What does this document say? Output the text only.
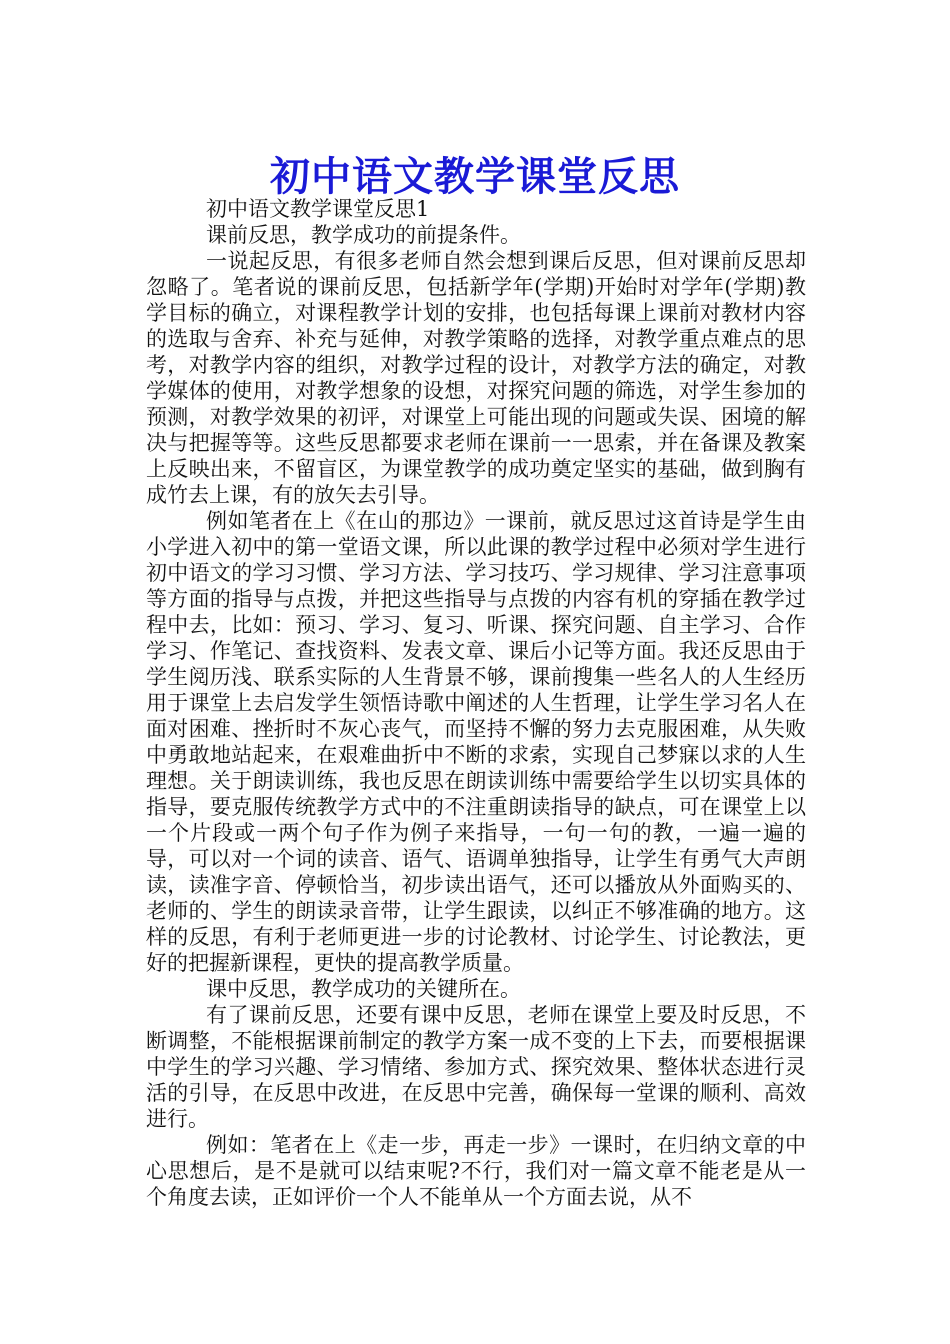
初中语文教学课堂反思

初中语文教学课堂反思1

课前反思，教学成功的前提条件。

一说起反思，有很多老师自然会想到课后反思，但对课前反思却忽略了。笔者说的课前反思，包括新学年(学期)开始时对学年(学期)教学目标的确立，对课程教学计划的安排，也包括每课上课前对教材内容的选取与舍弃、补充与延伸，对教学策略的选择，对教学重点难点的思考，对教学内容的组织，对教学过程的设计，对教学方法的确定，对教学媒体的使用，对教学想象的设想，对探究问题的筛选，对学生参加的预测，对教学效果的初评，对课堂上可能出现的问题或失误、困境的解决与把握等等。这些反思都要求老师在课前一一思索，并在备课及教案上反映出来，不留盲区，为课堂教学的成功奠定坚实的基础，做到胸有成竹去上课，有的放矢去引导。

例如笔者在上《在山的那边》一课前，就反思过这首诗是学生由小学进入初中的第一堂语文课，所以此课的教学过程中必须对学生进行初中语文的学习习惯、学习方法、学习技巧、学习规律、学习注意事项等方面的指导与点拨，并把这些指导与点拨的内容有机的穿插在教学过程中去，比如：预习、学习、复习、听课、探究问题、自主学习、合作学习、作笔记、查找资料、发表文章、课后小记等方面。我还反思由于学生阅历浅、联系实际的人生背景不够，课前搜集一些名人的人生经历用于课堂上去启发学生领悟诗歌中阐述的人生哲理，让学生学习名人在面对困难、挫折时不灰心丧气，而坚持不懈的努力去克服困难，从失败中勇敢地站起来，在艰难曲折中不断的求索，实现自己梦寐以求的人生理想。关于朗读训练，我也反思在朗读训练中需要给学生以切实具体的指导，要克服传统教学方式中的不注重朗读指导的缺点，可在课堂上以一个片段或一两个句子作为例子来指导，一句一句的教，一遍一遍的导，可以对一个词的读音、语气、语调单独指导，让学生有勇气大声朗读，读准字音、停顿恰当，初步读出语气，还可以播放从外面购买的、老师的、学生的朗读录音带，让学生跟读，以纠正不够准确的地方。这样的反思，有利于老师更进一步的讨论教材、讨论学生、讨论教法，更好的把握新课程，更快的提高教学质量。

课中反思，教学成功的关键所在。

有了课前反思，还要有课中反思，老师在课堂上要及时反思，不断调整，不能根据课前制定的教学方案一成不变的上下去，而要根据课中学生的学习兴趣、学习情绪、参加方式、探究效果、整体状态进行灵活的引导，在反思中改进，在反思中完善，确保每一堂课的顺利、高效进行。

例如：笔者在上《走一步，再走一步》一课时，在归纳文章的中心思想后，是不是就可以结束呢?不行，我们对一篇文章不能老是从一个角度去读，正如评价一个人不能单从一个方面去说，从不
